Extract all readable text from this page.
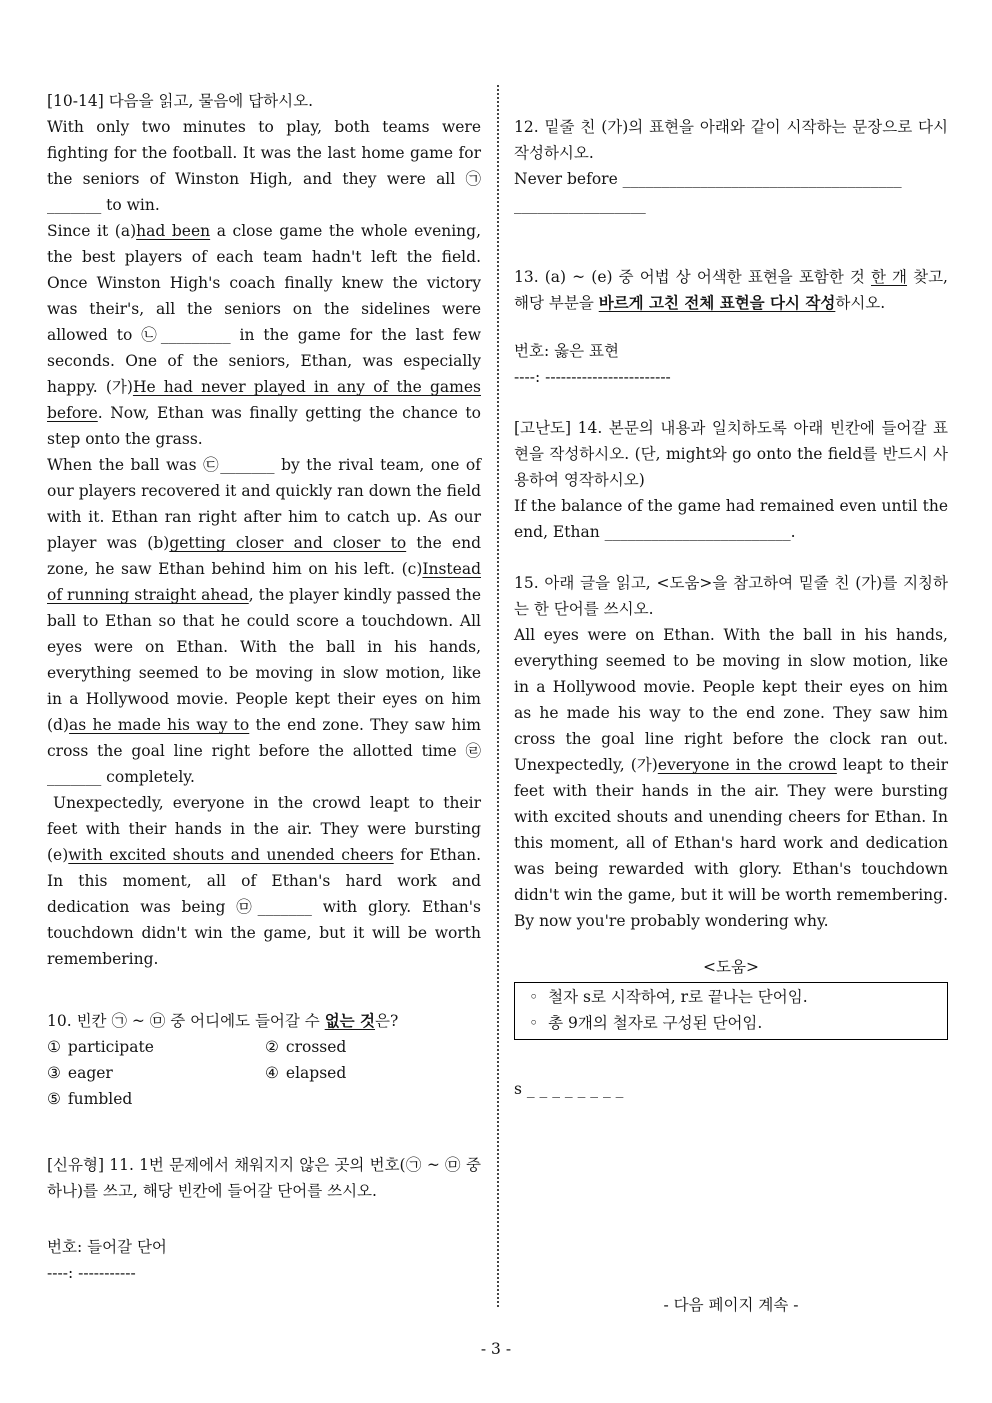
[10-14] 다음을 읽고, 물음에 답하시오.

With only two minutes to play, both teams were fighting for the football. It was the last home game for the seniors of Winston High, and they were all ㉠_______ to win.

Since it (a)had been a close game the whole evening, the best players of each team hadn't left the field. Once Winston High's coach finally knew the victory was their's, all the seniors on the sidelines were allowed to ㉡_________ in the game for the last few seconds. One of the seniors, Ethan, was especially happy. (가)He had never played in any of the games before. Now, Ethan was finally getting the chance to step onto the grass.

When the ball was ㉢_______ by the rival team, one of our players recovered it and quickly ran down the field with it. Ethan ran right after him to catch up. As our player was (b)getting closer and closer to the end zone, he saw Ethan behind him on his left. (c)Instead of running straight ahead, the player kindly passed the ball to Ethan so that he could score a touchdown. All eyes were on Ethan. With the ball in his hands, everything seemed to be moving in slow motion, like in a Hollywood movie. People kept their eyes on him (d)as he made his way to the end zone. They saw him cross the goal line right before the allotted time ㉣_______ completely.

Unexpectedly, everyone in the crowd leapt to their feet with their hands in the air. They were bursting (e)with excited shouts and unended cheers for Ethan. In this moment, all of Ethan's hard work and dedication was being ㉤_______ with glory. Ethan's touchdown didn't win the game, but it will be worth remembering.

10. 빈칸 ㉠ ~ ㉤ 중 어디에도 들어갈 수 없는 것은?

① participate	② crossed
③ eager	④ elapsed
⑤ fumbled

[신유형] 11. 1번 문제에서 채워지지 않은 곳의 번호(㉠ ~ ㉤ 중 하나)를 쓰고, 해당 빈칸에 들어갈 단어를 쓰시오.

번호: 들어갈 단어
----: -----------

12. 밑줄 친 (가)의 표현을 아래와 같이 시작하는 문장으로 다시 작성하시오.

Never before ____________________________________
_________________

13. (a) ~ (e) 중 어법 상 어색한 표현을 포함한 것 한 개 찾고, 해당 부분을 바르게 고친 전체 표현을 다시 작성하시오.

번호: 옳은 표현
----: ------------------------

[고난도] 14. 본문의 내용과 일치하도록 아래 빈칸에 들어갈 표현을 작성하시오. (단, might와 go onto the field를 반드시 사용하여 영작하시오)

If the balance of the game had remained even until the end, Ethan ________________________.

15. 아래 글을 읽고, <도움>을 참고하여 밑줄 친 (가)를 지칭하는 한 단어를 쓰시오.

All eyes were on Ethan. With the ball in his hands, everything seemed to be moving in slow motion, like in a Hollywood movie. People kept their eyes on him as he made his way to the end zone. They saw him cross the goal line right before the clock ran out. Unexpectedly, (가)everyone in the crowd leapt to their feet with their hands in the air. They were bursting with excited shouts and unending cheers for Ethan. In this moment, all of Ethan's hard work and dedication was being rewarded with glory. Ethan's touchdown didn't win the game, but it will be worth remembering. By now you're probably wondering why.

<도움>
◦ 철자 s로 시작하여, r로 끝나는 단어임.
◦ 총 9개의 철자로 구성된 단어임.
s _ _ _ _ _ _ _ _
- 다음 페이지 계속 -
- 3 -
